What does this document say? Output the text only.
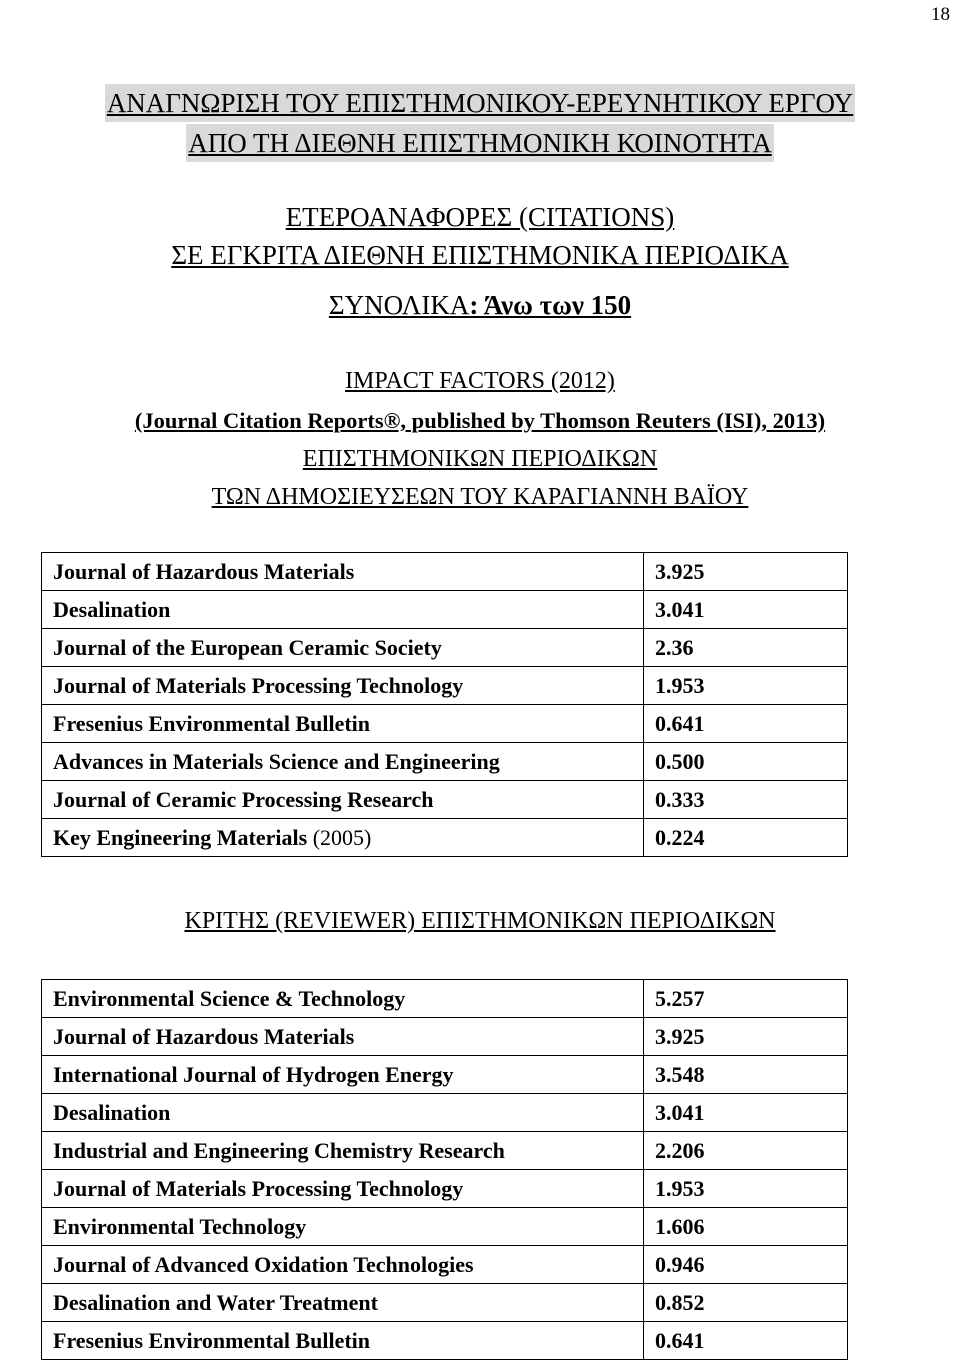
18
ΑΝΑΓΝΩΡΙΣΗ ΤΟΥ ΕΠΙΣΤΗΜΟΝΙΚΟΥ-ΕΡΕΥΝΗΤΙΚΟΥ ΕΡΓΟΥ
ΑΠΟ ΤΗ ΔΙΕΘΝΗ ΕΠΙΣΤΗΜΟΝΙΚΗ ΚΟΙΝΟΤΗΤΑ
ΕΤΕΡΟΑΝΑΦΟΡΕΣ (CITATIONS)
ΣΕ ΕΓΚΡΙΤΑ ΔΙΕΘΝΗ ΕΠΙΣΤΗΜΟΝΙΚΑ ΠΕΡΙΟΔΙΚΑ
ΣΥΝΟΛΙΚΑ: Άνω των 150
IMPACT FACTORS (2012)
(Journal Citation Reports®, published by Thomson Reuters (ISI), 2013)
ΕΠΙΣΤΗΜΟΝΙΚΩΝ ΠΕΡΙΟΔΙΚΩΝ
ΤΩΝ ΔΗΜΟΣΙΕΥΣΕΩΝ ΤΟΥ ΚΑΡΑΓΙΑΝΝΗ ΒΑΪΟΥ
Journal of Hazardous Materials	3.925
Desalination	3.041
Journal of the European Ceramic Society	2.36
Journal of Materials Processing Technology	1.953
Fresenius Environmental Bulletin	0.641
Advances in Materials Science and Engineering	0.500
Journal of Ceramic Processing Research	0.333
Key Engineering Materials (2005)	0.224
ΚΡΙΤΗΣ (REVIEWER) ΕΠΙΣΤΗΜΟΝΙΚΩΝ ΠΕΡΙΟΔΙΚΩΝ
Environmental Science & Technology	5.257
Journal of Hazardous Materials	3.925
International Journal of Hydrogen Energy	3.548
Desalination	3.041
Industrial and Engineering Chemistry Research	2.206
Journal of Materials Processing Technology	1.953
Environmental Technology	1.606
Journal of Advanced Oxidation Technologies	0.946
Desalination and Water Treatment	0.852
Fresenius Environmental Bulletin	0.641
